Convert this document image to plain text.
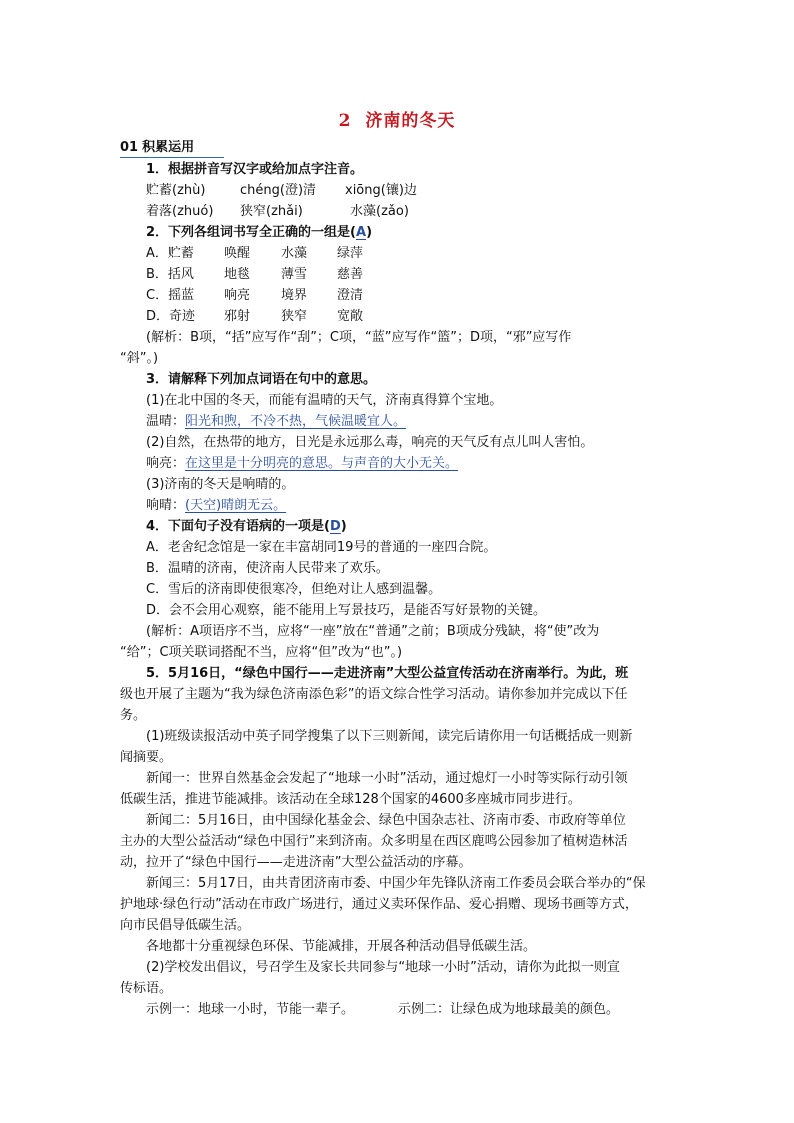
2 济南的冬天
01 积累运用
1．根据拼音写汉字或给加点字注音。
贮蓄(zhù)	chéng(澄)清 xiōng(镶)边
着落(zhuó) 狭窄(zhǎi)	水藻(zǎo)
2．下列各组词书写全正确的一组是(A)
A．贮蓄 唤醒 水藻 绿萍
B．括风 地毯 薄雪 慈善
C．摇蓝 响亮 境界 澄清
D．奇迹 邪射 狭窄 宽敞
(解析：B项，“括”应写作“刮”；C项，“蓝”应写作“篮”；D项，“邪”应写作
“斜”。)
3．请解释下列加点词语在句中的意思。
(1)在北中国的冬天，而能有温晴的天气，济南真得算个宝地。
温晴：阳光和煦，不冷不热，气候温暖宜人。
(2)自然，在热带的地方，日光是永远那么毒，响亮的天气反有点儿叫人害怕。
响亮：在这里是十分明亮的意思。与声音的大小无关。
(3)济南的冬天是响晴的。
响晴：(天空)晴朗无云。
4．下面句子没有语病的一项是(D)
A．老舍纪念馆是一家在丰富胡同19号的普通的一座四合院。
B．温晴的济南，使济南人民带来了欢乐。
C．雪后的济南即使很寒冷，但绝对让人感到温馨。
D．会不会用心观察，能不能用上写景技巧，是能否写好景物的关键。
(解析：A项语序不当，应将“一座”放在“普通”之前；B项成分残缺，将“使”改为
“给”；C项关联词搭配不当，应将“但”改为“也”。)
5．5月16日，“绿色中国行——走进济南”大型公益宣传活动在济南举行。为此，班
级也开展了主题为“我为绿色济南添色彩”的语文综合性学习活动。请你参加并完成以下任
务。
(1)班级读报活动中英子同学搜集了以下三则新闻，读完后请你用一句话概括成一则新
闻摘要。
新闻一：世界自然基金会发起了“地球一小时”活动，通过熄灯一小时等实际行动引领
低碳生活，推进节能减排。该活动在全球128个国家的4600多座城市同步进行。
新闻二：5月16日，由中国绿化基金会、绿色中国杂志社、济南市委、市政府等单位
主办的大型公益活动“绿色中国行”来到济南。众多明星在西区鹿鸣公园参加了植树造林活
动，拉开了“绿色中国行——走进济南”大型公益活动的序幕。
新闻三：5月17日，由共青团济南市委、中国少年先锋队济南工作委员会联合举办的“保
护地球·绿色行动”活动在市政广场进行，通过义卖环保作品、爱心捐赠、现场书画等方式，
向市民倡导低碳生活。
各地都十分重视绿色环保、节能减排，开展各种活动倡导低碳生活。
(2)学校发出倡议，号召学生及家长共同参与“地球一小时”活动，请你为此拟一则宣
传标语。
示例一：地球一小时，节能一辈子。	示例二：让绿色成为地球最美的颜色。
